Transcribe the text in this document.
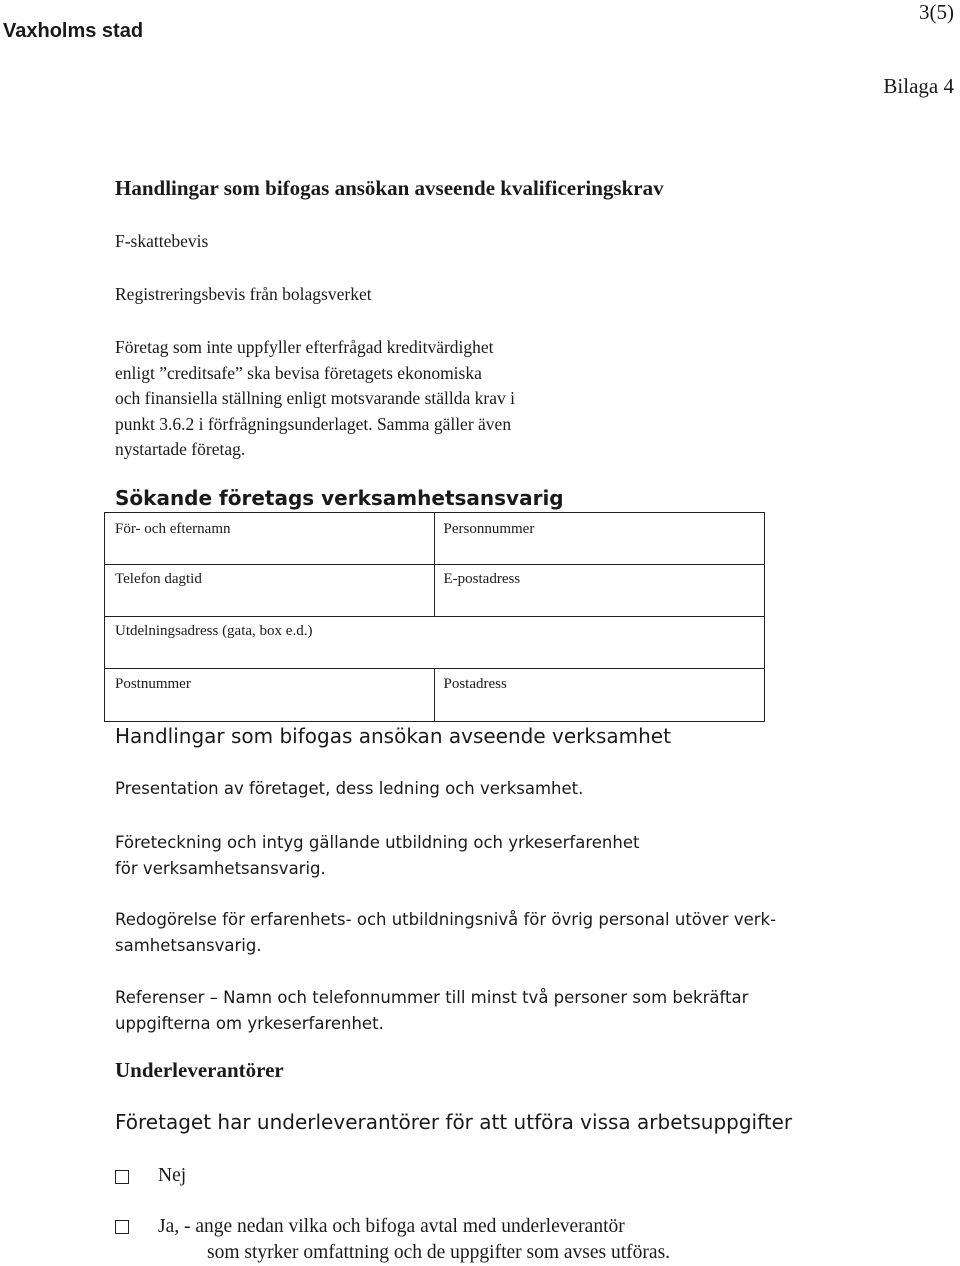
Vaxholms stad
3(5)
Bilaga 4
Handlingar som bifogas ansökan avseende kvalificeringskrav
F-skattebevis
Registreringsbevis från bolagsverket
Företag som inte uppfyller efterfrågad kreditvärdighet
enligt ”creditsafe” ska bevisa företagets ekonomiska
och finansiella ställning enligt motsvarande ställda krav i
punkt 3.6.2 i förfrågningsunderlaget. Samma gäller även
nystartade företag.
Sökande företags verksamhetsansvarig
För- och efternamn	Personnummer
Telefon dagtid	E-postadress
Utdelningsadress (gata, box e.d.)
Postnummer	Postadress
Handlingar som bifogas ansökan avseende verksamhet
Presentation av företaget, dess ledning och verksamhet.
Företeckning och intyg gällande utbildning och yrkeserfarenhet
för verksamhetsansvarig.
Redogörelse för erfarenhets- och utbildningsnivå för övrig personal utöver verk-
samhetsansvarig.
Referenser – Namn och telefonnummer till minst två personer som bekräftar
uppgifterna om yrkeserfarenhet.
Underleverantörer
Företaget har underleverantörer för att utföra vissa arbetsuppgifter
Nej
Ja, - ange nedan vilka och bifoga avtal med underleverantör
som styrker omfattning och de uppgifter som avses utföras.
